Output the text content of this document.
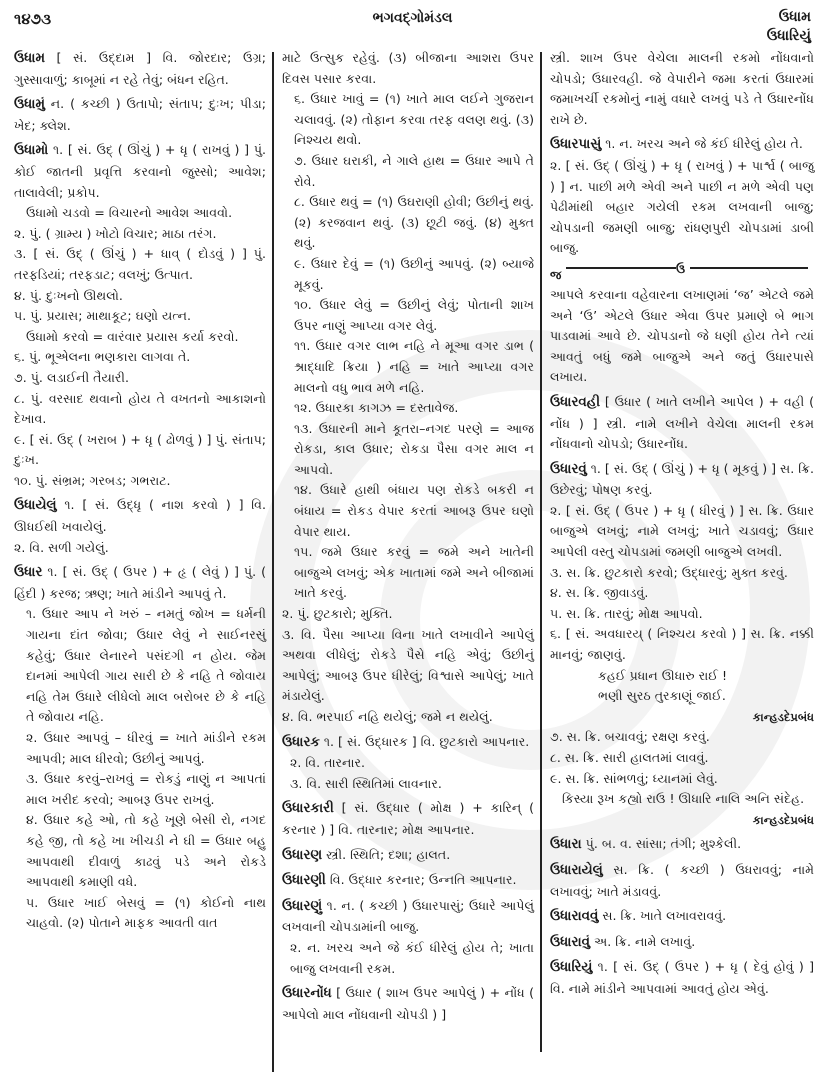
૧૪૭૩	ભગવદ્ગોમંડલ	ઉધામ
ઉધારિયું
ઉધામ [ સં. ઉદ્દામ ] વિ. જોરદાર; ઉગ્ર; ગુસ્સાવાળું; કાબૂમાં ન રહે તેવું; બંધન રહિત.
ઉધામું ન. ( કચ્છી ) ઉતાપો; સંતાપ; દુઃખ; પીડા; ખેદ; ક્લેશ.
ઉધામો ૧. [ સં. ઉદ્ ( ઊંચું ) + ધૃ ( રાખવું ) ] પું. કોઈ જાતની પ્રવૃત્તિ કરવાનો જુસ્સો; આવેશ; તાલાવેલી; પ્રકોપ.
ઉધામો ચડવો = વિચારનો આવેશ આવવો.
૨. પું. ( ગ્રામ્ય ) ખોટો વિચાર; માઠા તરંગ.
૩. [ સં. ઉદ્ ( ઊંચું ) + ધાવ્ ( દોડવું ) ] પું. તરફડિયાં; તરફડાટ; વલખું; ઉત્પાત.
૪. પું. દુઃખનો ઊથલો.
૫. પું. પ્રયાસ; માથાકૂટ; ઘણો યત્ન.
ઉધામો કરવો = વારંવાર પ્રયાસ કર્યા કરવો.
૬. પું. ભૂએલના ભણકારા લાગવા તે.
૭. પું. લડાઈની તૈયારી.
૮. પું. વરસાદ થવાનો હોય તે વખતનો આકાશનો દેખાવ.
૯. [ સં. ઉદ્ ( ખરાબ ) + ધૃ ( ઢોળવું ) ] પું. સંતાપ; દુઃખ.
૧૦. પું. સંભ્રમ; ગરબડ; ગભરાટ.
ઉધાયેલું ૧. [ સં. ઉદ્ધૃ ( નાશ કરવો ) ] વિ. ઊધઈથી ખવાયેલું.
૨. વિ. સળી ગયેલું.
ઉધાર ૧. [ સં. ઉદ્ ( ઉપર ) + હૃ ( લેવું ) ] પું. ( હિંદી ) કરજ; ઋણ; ખાતે માંડીને આપવું તે.
૧. ઉધાર આપ ને ખરું – નમતું જોખ = ધર્મની ગાયના દાંત જોવા; ઉધાર લેવું ને સાઈનરસું કહેવું; ઉધાર લેનારને પસંદગી ન હોય. જેમ દાનમાં આપેલી ગાય સારી છે કે નહિ તે જોવાય નહિ તેમ ઉધારે લીધેલો માલ બરોબર છે કે નહિ તે જોવાય નહિ.
૨. ઉધાર આપવું – ધીરવું = ખાતે માંડીને રકમ આપવી; માલ ધીરવો; ઉછીનું આપવું.
૩. ઉધાર કરવું–રાખવું = રોકડું નાણું ન આપતાં માલ ખરીદ કરવો; આબરૂ ઉપર રાખવું.
૪. ઉધાર કહે ઓ, તો કહે ખૂણે બેસી રો, નગદ કહે જી, તો કહે ખા ખીચડી ને ઘી = ઉધાર બહુ આપવાથી દીવાળું કાઢવું પડે અને રોકડે આપવાથી કમાણી વધે.
૫. ઉધાર ખાઈ બેસવું = (૧) કોઈનો નાથ ચાહવો. (૨) પોતાને માફક આવતી વાત
માટે ઉત્સુક રહેવું. (૩) બીજાના આશરા ઉપર દિવસ પસાર કરવા.
૬. ઉધાર ખાવું = (૧) ખાતે માલ લઈને ગુજરાન ચલાવવું. (૨) તોફાન કરવા તરફ વલણ થવું. (૩) નિશ્ચય થવો.
૭. ઉધાર ઘરાકી, ને ગાલે હાથ = ઉધાર આપે તે રોવે.
૮. ઉધાર થવું = (૧) ઉઘરાણી હોવી; ઉછીનું થવું. (૨) કરજવાન થવું. (૩) છૂટી જવું. (૪) મુક્ત થવું.
૯. ઉધાર દેવું = (૧) ઉછીનું આપવું. (૨) બ્યાજે મૂકવું.
૧૦. ઉધાર લેવું = ઉછીનું લેવું; પોતાની શાખ ઉપર નાણું આપ્યા વગર લેવું.
૧૧. ઉધાર વગર લાભ નહિ ને મૂઆ વગર ડાભ ( શ્રાદ્ધાદિ ક્રિયા ) નહિ = ખાતે આપ્યા વગર માલનો વધુ ભાવ મળે નહિ.
૧૨. ઉધારકા કાગઝ = દસ્તાવેજ.
૧૩. ઉધારની માને કૂતરા–નગદ પરણે = આજ રોકડા, કાલ ઉધાર; રોકડા પૈસા વગર માલ ન આપવો.
૧૪. ઉધારે હાથી બંધાય પણ રોકડે બકરી ન બંધાય = રોકડ વેપાર કરતાં આબરૂ ઉપર ઘણો વેપાર થાય.
૧૫. જમે ઉધાર કરવું = જમે અને ખાતેની બાજુએ લખવું; એક ખાતામાં જમે અને બીજામાં ખાતે કરવું.
૨. પું. છુટકારો; મુક્તિ.
૩. વિ. પૈસા આપ્યા વિના ખાતે લખાવીને આપેલું અથવા લીધેલું; રોકડે પૈસે નહિ એવું; ઉછીનું આપેલું; આબરૂ ઉપર ધીરેલું; વિશ્વાસે આપેલું; ખાતે મંડાયેલું.
૪. વિ. ભરપાઈ નહિ થયેલું; જમે ન થયેલું.
ઉધારક ૧. [ સં. ઉદ્ધારક ] વિ. છુટકારો આપનાર.
૨. વિ. તારનાર.
૩. વિ. સારી સ્થિતિમાં લાવનાર.
ઉધારકારી [ સં. ઉદ્ધાર ( મોક્ષ ) + કારિન્ ( કરનાર ) ] વિ. તારનાર; મોક્ષ આપનાર.
ઉધારણ સ્ત્રી. સ્થિતિ; દશા; હાલત.
ઉધારણી વિ. ઉદ્ધાર કરનાર; ઉન્નતિ આપનાર.
ઉધારણું ૧. ન. ( કચ્છી ) ઉધારપાસું; ઉધારે આપેલું લખવાની ચોપડામાંની બાજુ.
૨. ન. ખરચ અને જે કંઈ ધીરેલું હોય તે; ખાતા બાજુ લખવાની રકમ.
ઉધારનોંધ [ ઉધાર ( શાખ ઉપર આપેલું ) + નોંધ ( આપેલો માલ નોંધવાની ચોપડી ) ]
સ્ત્રી. શાખ ઉપર વેચેલા માલની રકમો નોંધવાનો ચોપડો; ઉધારવહી. જે વેપારીને જમા કરતાં ઉધારમાં જમાખર્ચી રકમોનું નામું વધારે લખવું પડે તે ઉધારનોંધ રાખે છે.
ઉધારપાસું ૧. ન. ખરચ અને જે કંઈ ધીરેલું હોય તે.
૨. [ સં. ઉદ્ ( ઊંચું ) + ધૃ ( રાખવું ) + પાર્શ્વ ( બાજુ ) ] ન. પાછી મળે એવી અને પાછી ન મળે એવી પણ પેઢીમાંથી બહાર ગયેલી રકમ લખવાની બાજુ; ચોપડાની જમણી બાજુ; રાંધણપુરી ચોપડામાં ડાબી બાજુ.
જ	ઉ
આપલે કરવાના વહેવારના લખાણમાં ‘જ’ એટલે જમે અને ‘ઉ’ એટલે ઉધાર એવા ઉપર પ્રમાણે બે ભાગ પાડવામાં આવે છે. ચોપડાનો જે ધણી હોય તેને ત્યાં આવતું બધું જમે બાજુએ અને જતું ઉધારપાસે લખાય.
ઉધારવહી [ ઉધાર ( ખાતે લખીને આપેલ ) + વહી ( નોંધ ) ] સ્ત્રી. નામે લખીને વેચેલા માલની રકમ નોંધવાનો ચોપડો; ઉધારનોંધ.
ઉધારવું ૧. [ સં. ઉદ્ ( ઊંચું ) + ધૃ ( મૂકવું ) ] સ. ક્રિ. ઉછેરવું; પોષણ કરવું.
૨. [ સં. ઉદ્ ( ઉપર ) + ધૃ ( ધીરવું ) ] સ. ક્રિ. ઉધાર બાજુએ લખવું; નામે લખવું; ખાતે ચડાવવું; ઉધાર આપેલી વસ્તુ ચોપડામાં જમણી બાજુએ લખવી.
૩. સ. ક્રિ. છુટકારો કરવો; ઉદ્ધારવું; મુક્ત કરવું.
૪. સ. ક્રિ. જીવાડવું.
૫. સ. ક્રિ. તારવું; મોક્ષ આપવો.
૬. [ સં. અવધારય્ ( નિશ્ચય કરવો ) ] સ. ક્રિ. નક્કી માનવું; જાણવું.
કહઈ પ્રધાન ઊધારુ રાઈ !
ભણી સુરઠ તુરકાણૂં જાઈ.
કાન્હડદેપ્રબંધ
૭. સ. ક્રિ. બચાવવું; રક્ષણ કરવું.
૮. સ. ક્રિ. સારી હાલતમાં લાવવું.
૯. સ. ક્રિ. સાંભળવું; ધ્યાનમાં લેવું.
કિસ્યા રૂખ કહ્યો રાઉ ! ઊધારિ નાલિ અનિ સંદેહ.
કાન્હડદેપ્રબંધ
ઉધારા પું. બ. વ. સાંસા; તંગી; મુશ્કેલી.
ઉધારાયેલું સ. ક્રિ. ( કચ્છી ) ઉધરાવવું; નામે લખાવવું; ખાતે મંડાવવું.
ઉધારાવવું સ. ક્રિ. ખાતે લખાવરાવવું.
ઉધારાવું અ. ક્રિ. નામે લખાવું.
ઉધારિયું ૧. [ સં. ઉદ્ ( ઉપર ) + ધૃ ( દેવું હોવું ) ] વિ. નામે માંડીને આપવામાં આવતું હોય એવું.
